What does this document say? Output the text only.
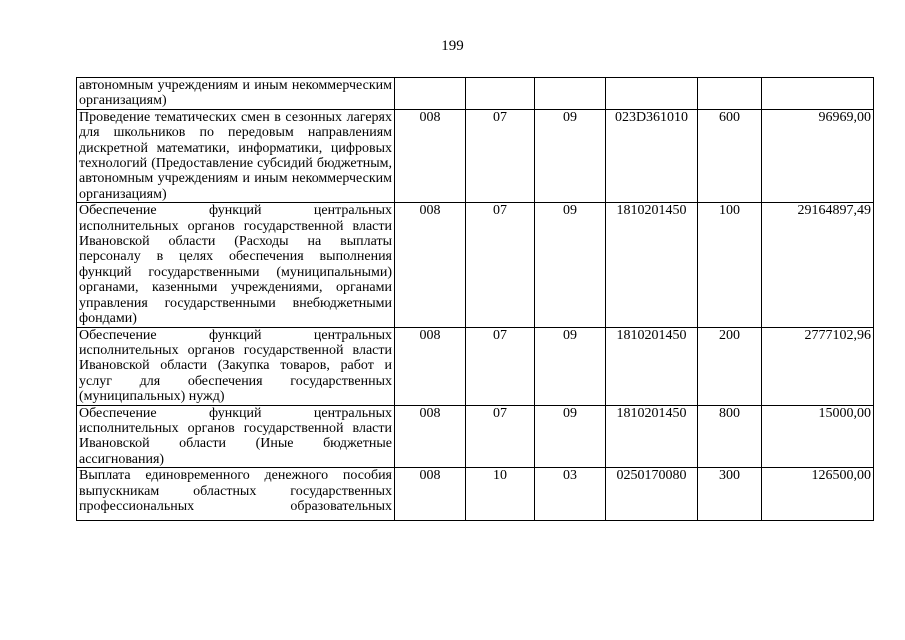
199
автономным учреждениям и иным некоммерческим организациям)						
Проведение тематических смен в сезонных лагерях для школьников по передовым направлениям дискретной математики, информатики, цифровых технологий (Предоставление субсидий бюджетным, автономным учреждениям и иным некоммерческим организациям)	008	07	09	023D361010	600	96969,00
Обеспечение функций центральных исполнительных органов государственной власти Ивановской области (Расходы на выплаты персоналу в целях обеспечения выполнения функций государственными (муниципальными) органами, казенными учреждениями, органами управления государственными внебюджетными фондами)	008	07	09	1810201450	100	29164897,49
Обеспечение функций центральных исполнительных органов государственной власти Ивановской области (Закупка товаров, работ и услуг для обеспечения государственных (муниципальных) нужд)	008	07	09	1810201450	200	2777102,96
Обеспечение функций центральных исполнительных органов государственной власти Ивановской области (Иные бюджетные ассигнования)	008	07	09	1810201450	800	15000,00

Выплата единовременного денежного пособия выпускникам областных государственных профессиональных образовательных	008	10	03	0250170080	300	126500,00
